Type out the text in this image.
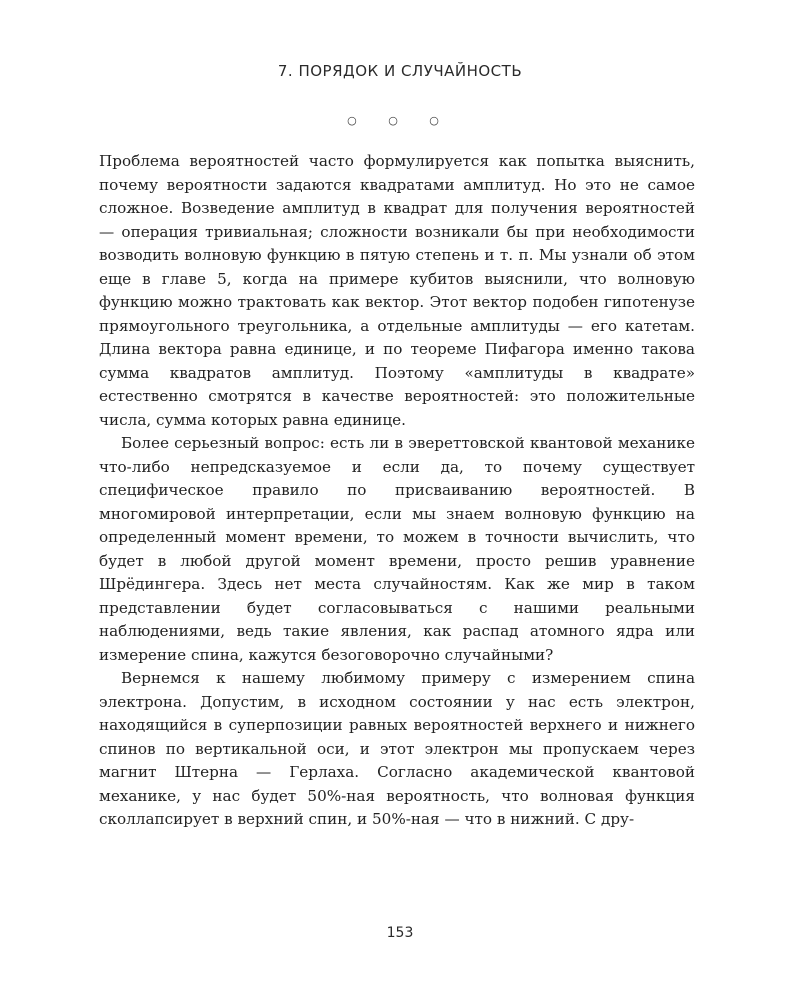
7. ПОРЯДОК И СЛУЧАЙНОСТЬ
○ ○ ○

Проблема вероятностей часто формулируется как попытка выяснить, почему вероятности задаются квадратами амплитуд. Но это не самое сложное. Возведение амплитуд в квадрат для получения вероятностей — операция тривиальная; сложности возникали бы при необходимости возводить волновую функцию в пятую степень и т. п. Мы узнали об этом еще в главе 5, когда на примере кубитов выяснили, что волновую функцию можно трактовать как вектор. Этот вектор подобен гипотенузе прямоугольного треугольника, а отдельные амплитуды — его катетам. Длина вектора равна единице, и по теореме Пифагора именно такова сумма квадратов амплитуд. Поэтому «амплитуды в квадрате» естественно смотрятся в качестве вероятностей: это положительные числа, сумма которых равна единице.

Более серьезный вопрос: есть ли в эвереттовской квантовой механике что-либо непредсказуемое и если да, то почему существует специфическое правило по присваиванию вероятностей. В многомировой интерпретации, если мы знаем волновую функцию на определенный момент времени, то можем в точности вычислить, что будет в любой другой момент времени, просто решив уравнение Шрёдингера. Здесь нет места случайностям. Как же мир в таком представлении будет согласовываться с нашими реальными наблюдениями, ведь такие явления, как распад атомного ядра или измерение спина, кажутся безоговорочно случайными?

Вернемся к нашему любимому примеру с измерением спина электрона. Допустим, в исходном состоянии у нас есть электрон, находящийся в суперпозиции равных вероятностей верхнего и нижнего спинов по вертикальной оси, и этот электрон мы пропускаем через магнит Штерна — Герлаха. Согласно академической квантовой механике, у нас будет 50%-ная вероятность, что волновая функция сколлапсирует в верхний спин, и 50%-ная — что в нижний. С дру-

153
